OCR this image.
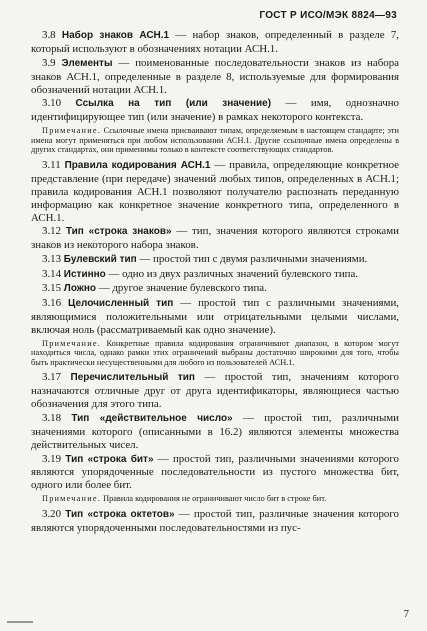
ГОСТ Р ИСО/МЭК 8824—93

3.8 Набор знаков АСН.1 — набор знаков, определенный в разделе 7, который используют в обозначениях нотации АСН.1.

3.9 Элементы — поименованные последовательности знаков из набора знаков АСН.1, определенные в разделе 8, используемые для формирования обозначений нотации АСН.1.

3.10 Ссылка на тип (или значение) — имя, однозначно идентифицирующее тип (или значение) в рамках некоторого контекста.

Примечание. Ссылочные имена присваивают типам, определяемым в настоящем стандарте; эти имена могут применяться при любом использовании АСН.1. Другие ссылочные имена определены в других стандартах, они применимы только в контексте соответствующих стандартов.

3.11 Правила кодирования АСН.1 — правила, определяющие конкретное представление (при передаче) значений любых типов, определенных в АСН.1; правила кодирования АСН.1 позволяют получателю распознать переданную информацию как конкретное значение конкретного типа, определенного в АСН.1.

3.12 Тип «строка знаков» — тип, значения которого являются строками знаков из некоторого набора знаков.

3.13 Булевский тип — простой тип с двумя различными значениями.

3.14 Истинно — одно из двух различных значений булевского типа.

3.15 Ложно — другое значение булевского типа.

3.16 Целочисленный тип — простой тип с различными значениями, являющимися положительными или отрицательными целыми числами, включая ноль (рассматриваемый как одно значение).

Примечание. Конкретные правила кодирования ограничивают диапазон, в котором могут находиться числа, однако рамки этих ограничений выбраны достаточно широкими для того, чтобы быть практически несущественными для любого из пользователей АСН.1.

3.17 Перечислительный тип — простой тип, значениям которого назначаются отличные друг от друга идентификаторы, являющиеся частью обозначения для этого типа.

3.18 Тип «действительное число» — простой тип, различными значениями которого (описанными в 16.2) являются элементы множества действительных чисел.

3.19 Тип «строка бит» — простой тип, различными значениями которого являются упорядоченные последовательности из пустого множества бит, одного или более бит.

Примечание. Правила кодирования не ограничивают число бит в строке бит.

3.20 Тип «строка октетов» — простой тип, различные значения которого являются упорядоченными последовательностями из пус-

7
